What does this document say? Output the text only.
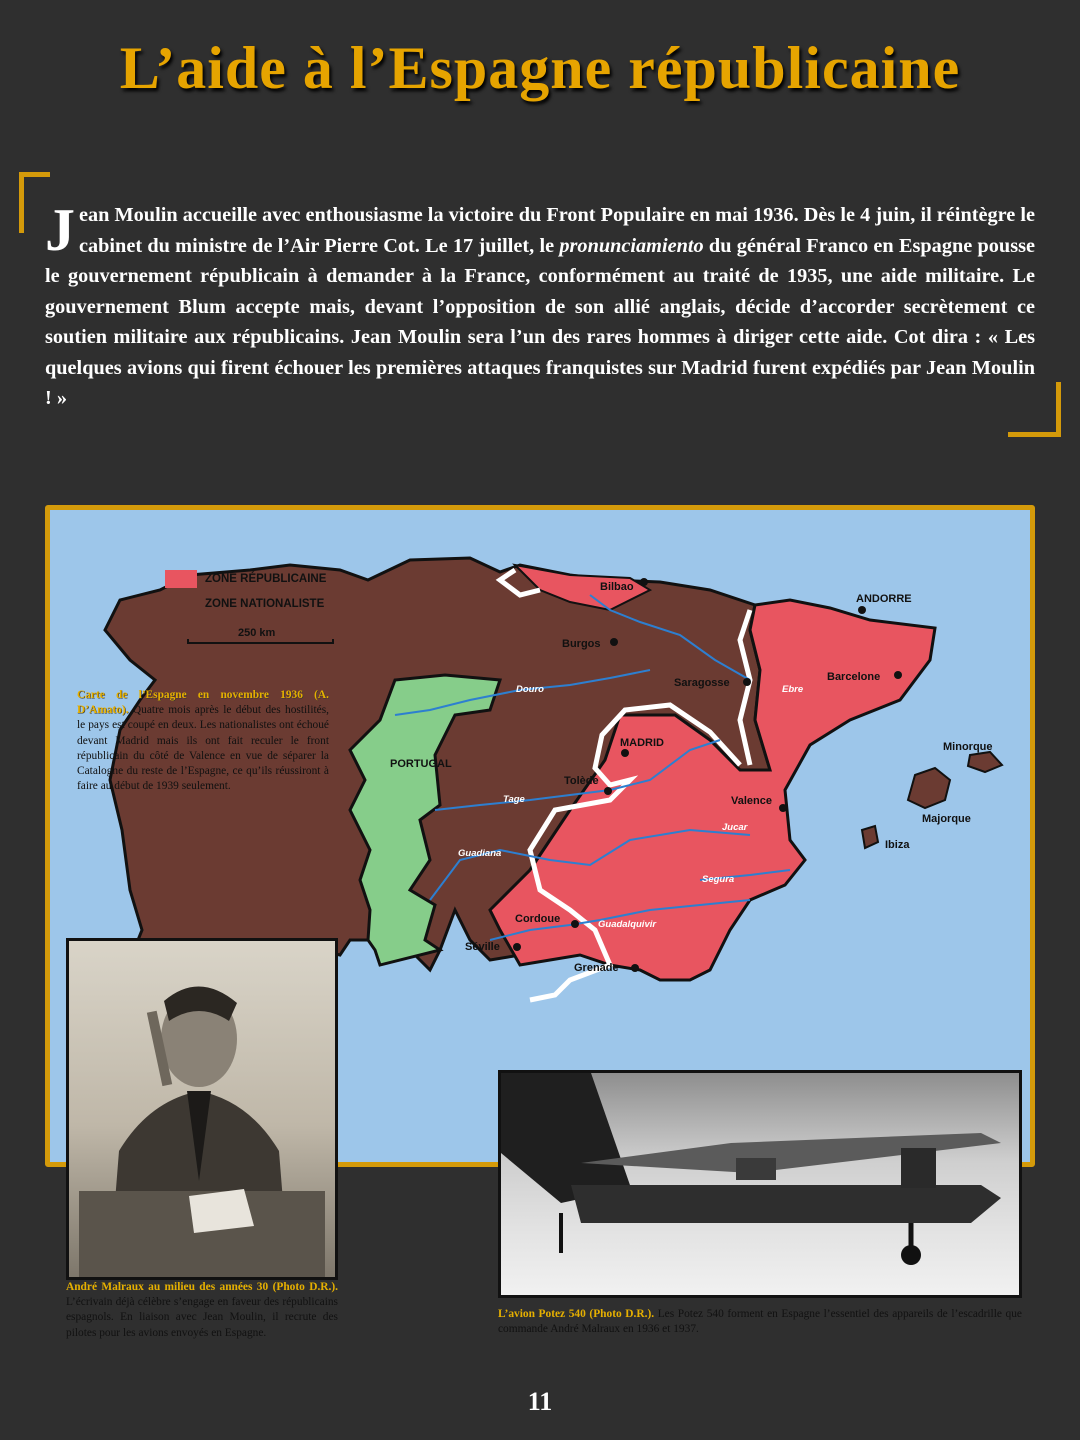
L’aide à l’Espagne républicaine
Jean Moulin accueille avec enthousiasme la victoire du Front Populaire en mai 1936. Dès le 4 juin, il réintègre le cabinet du ministre de l’Air Pierre Cot. Le 17 juillet, le pronunciamiento du général Franco en Espagne pousse le gouvernement républicain à demander à la France, conformément au traité de 1935, une aide militaire. Le gouvernement Blum accepte mais, devant l’opposition de son allié anglais, décide d’accorder secrètement ce soutien militaire aux républicains. Jean Moulin sera l’un des rares hommes à diriger cette aide. Cot dira : « Les quelques avions qui firent échouer les premières attaques franquistes sur Madrid furent expédiés par Jean Moulin ! »
Bilbao
Burgos
Saragosse	Barcelone
ANDORRE
MADRID
Tolède
Valence
Cordoue
Séville
Grenade
PORTUGAL
Minorque
Majorque
Ibiza
Douro	Ebre
Tage
Jucar
Guadiana
Segura
Guadalquivir
ZONE RÉPUBLICAINE
ZONE NATIONALISTE
250 km
Carte de l’Espagne en novembre 1936 (A. D’Amato). Quatre mois après le début des hostilités, le pays est coupé en deux. Les nationalistes ont échoué devant Madrid mais ils ont fait reculer le front républicain du côté de Valence en vue de séparer la Catalogne du reste de l’Espagne, ce qu’ils réussiront à faire au début de 1939 seulement.
André Malraux au milieu des années 30 (Photo D.R.). L’écrivain déjà célèbre s’engage en faveur des républicains espagnols. En liaison avec Jean Moulin, il recrute des pilotes pour les avions envoyés en Espagne.
L’avion Potez 540 (Photo D.R.). Les Potez 540 forment en Espagne l’essentiel des appareils de l’escadrille que commande André Malraux en 1936 et 1937.
11
